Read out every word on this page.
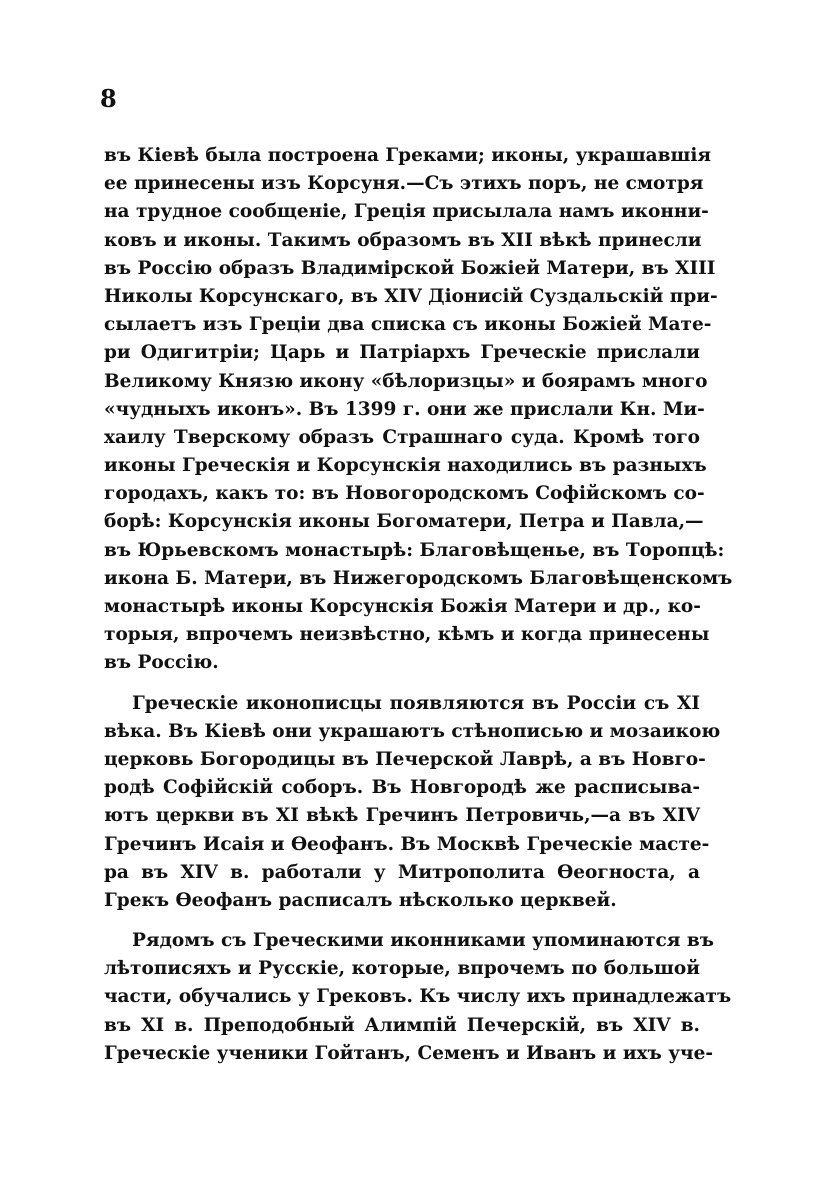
8
въ Кіевѣ была построена Греками; иконы, украшавшія
ее принесены изъ Корсуня.—Съ этихъ поръ, не смотря
на трудное сообщеніе, Греція присылала намъ иконни-
ковъ и иконы. Такимъ образомъ въ XII вѣкѣ принесли
въ Россію образъ Владимірской Божіей Матери, въ XIII
Николы Корсунскаго, въ XIV Діонисій Суздальскій при-
сылаетъ изъ Греціи два списка съ иконы Божіей Мате-
ри Одигитріи; Царь и Патріархъ Греческіе прислали
Великому Князю икону «бѣлоризцы» и боярамъ много
«чудныхъ иконъ». Въ 1399 г. они же прислали Кн. Ми-
хаилу Тверскому образъ Страшнаго суда. Кромѣ того
иконы Греческія и Корсунскія находились въ разныхъ
городахъ, какъ то: въ Новогородскомъ Софійскомъ со-
борѣ: Корсунскія иконы Богоматери, Петра и Павла,—
въ Юрьевскомъ монастырѣ: Благовѣщенье, въ Торопцѣ:
икона Б. Матери, въ Нижегородскомъ Благовѣщенскомъ
монастырѣ иконы Корсунскія Божія Матери и др., ко-
торыя, впрочемъ неизвѣстно, кѣмъ и когда принесены
въ Россію.
Греческіе иконописцы появляются въ Россіи съ XI
вѣка. Въ Кіевѣ они украшаютъ стѣнописью и мозаикою
церковь Богородицы въ Печерской Лаврѣ, а въ Новго-
родѣ Софійскій соборъ. Въ Новгородѣ же расписыва-
ютъ церкви въ XI вѣкѣ Гречинъ Петровичь,—а въ XIV
Гречинъ Исаія и Ѳеофанъ. Въ Москвѣ Греческіе мастe-
ра въ XIV в. работали у Митрополита Ѳеогноста, а
Грекъ Ѳеофанъ расписалъ нѣсколько церквей.
Рядомъ съ Греческими иконниками упоминаются въ
лѣтописяхъ и Русскіе, которые, впрочемъ по большой
части, обучались у Грековъ. Къ числу ихъ принадлежатъ
въ XI в. Преподобный Алимпій Печерскій, въ XIV в.
Греческіе ученики Гойтанъ, Семенъ и Иванъ и ихъ уче-
